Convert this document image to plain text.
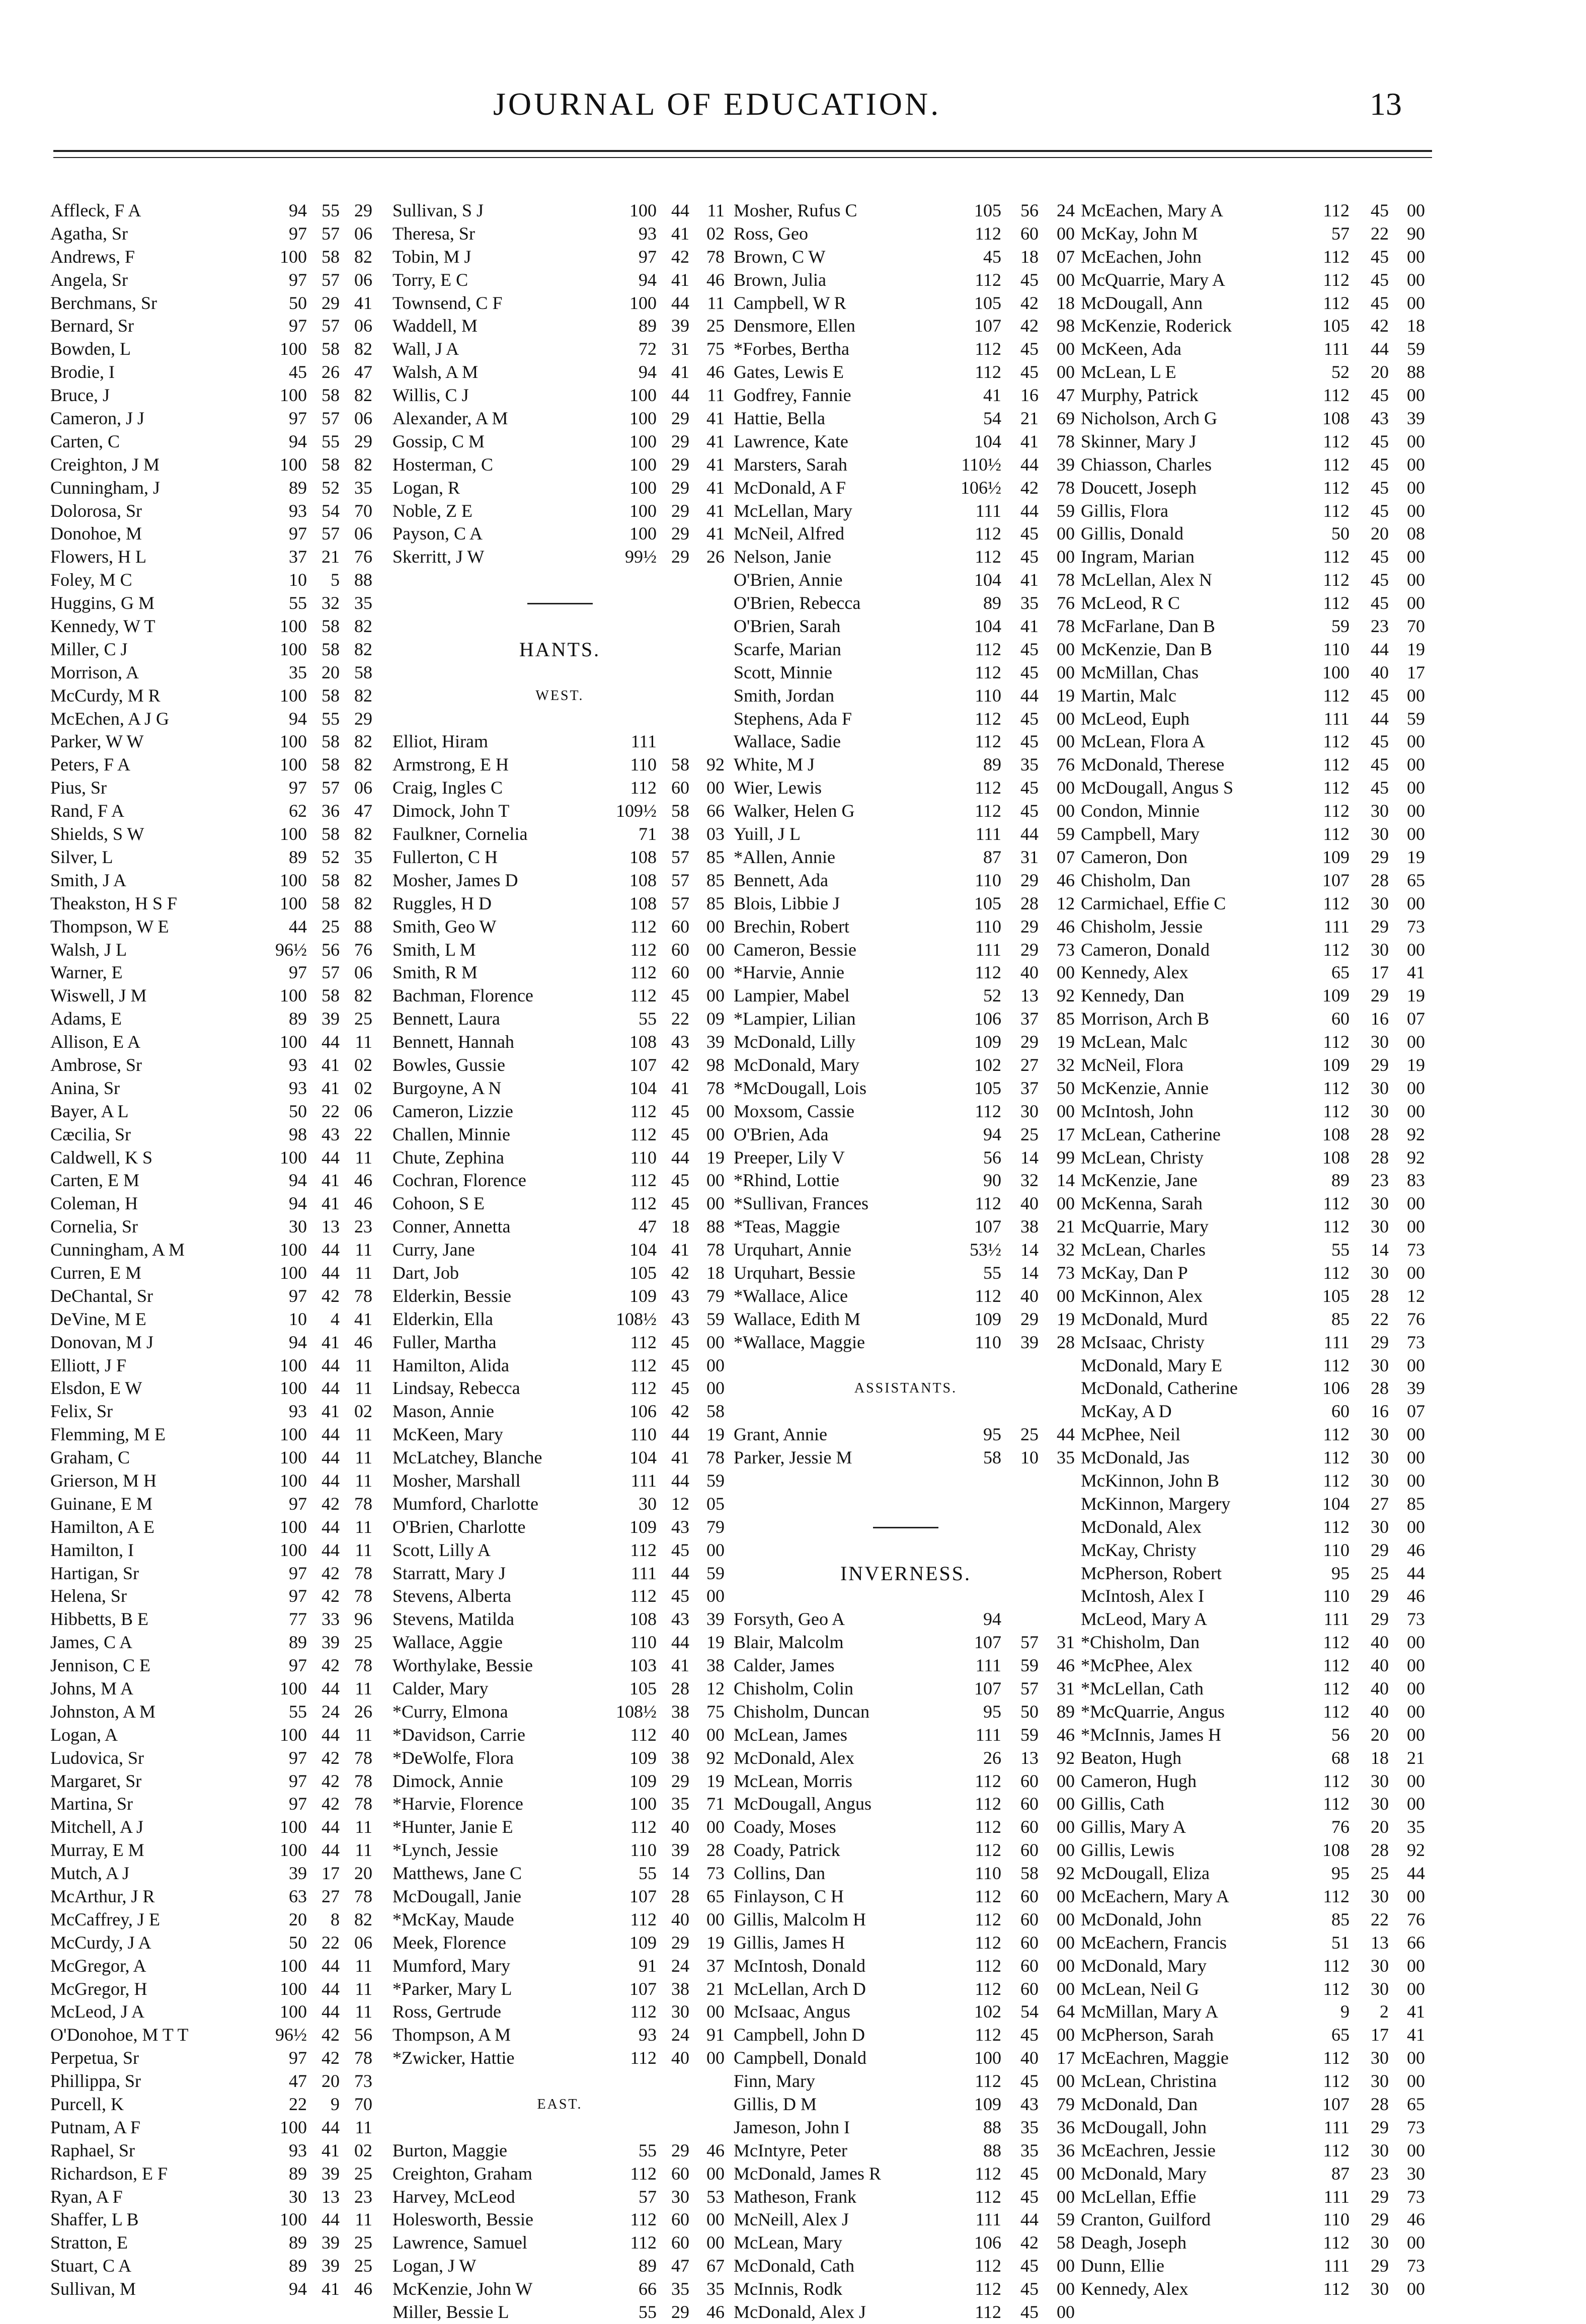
JOURNAL OF EDUCATION.	13
Affleck, F A	94 55 29
Agatha, Sr	97 57 06
Andrews, F	100 58 82
Angela, Sr	97 57 06
Berchmans, Sr	50 29 41
Bernard, Sr	97 57 06
Bowden, L	100 58 82
Brodie, I	45 26 47
Bruce, J	100 58 82
Cameron, J J	97 57 06
Carten, C	94 55 29
Creighton, J M	100 58 82
Cunningham, J	89 52 35
Dolorosa, Sr	93 54 70
Donohoe, M	97 57 06
Flowers, H L	37 21 76
Foley, M C	10	5 88
Huggins, G M	55 32 35
Kennedy, W T	100 58 82
Miller, C J	100 58 82
Morrison, A	35 20 58
McCurdy, M R	100 58 82
McEchen, A J G	94 55 29
Parker, W W	100 58 82
Peters, F A	100 58 82
Pius, Sr	97 57 06
Rand, F A	62 36 47
Shields, S W	100 58 82
Silver, L	89 52 35
Smith, J A	100 58 82
Theakston, H S F	100 58 82
Thompson, W E	44 25 88
Walsh, J L	96½ 56 76
Warner, E	97 57 06
Wiswell, J M	100 58 82
Adams, E	89 39 25
Allison, E A	100 44 11
Ambrose, Sr	93 41 02
Anina, Sr	93 41 02
Bayer, A L	50 22 06
Cæcilia, Sr	98 43 22
Caldwell, K S	100 44 11
Carten, E M	94 41 46
Coleman, H	94 41 46
Cornelia, Sr	30 13 23
Cunningham, A M	100 44 11
Curren, E M	100 44 11
DeChantal, Sr	97 42 78
DeVine, M E	10	4 41
Donovan, M J	94 41 46
Elliott, J F	100 44 11
Elsdon, E W	100 44 11
Felix, Sr	93 41 02
Flemming, M E	100 44 11
Graham, C	100 44 11
Grierson, M H	100 44 11
Guinane, E M	97 42 78
Hamilton, A E	100 44 11
Hamilton, I	100 44 11
Hartigan, Sr	97 42 78
Helena, Sr	97 42 78
Hibbetts, B E	77 33 96
James, C A	89 39 25
Jennison, C E	97 42 78
Johns, M A	100 44 11
Johnston, A M	55 24 26
Logan, A	100 44 11
Ludovica, Sr	97 42 78
Margaret, Sr	97 42 78
Martina, Sr	97 42 78
Mitchell, A J	100 44 11
Murray, E M	100 44 11
Mutch, A J	39 17 20
McArthur, J R	63 27 78
McCaffrey, J E	20	8 82
McCurdy, J A	50 22 06
McGregor, A	100 44 11
McGregor, H	100 44 11
McLeod, J A	100 44 11
O'Donohoe, M T T	96½ 42 56
Perpetua, Sr	97 42 78
Phillippa, Sr	47 20 73
Purcell, K	22	9 70
Putnam, A F	100 44 11
Raphael, Sr	93 41 02
Richardson, E F	89 39 25
Ryan, A F	30 13 23
Shaffer, L B	100 44 11
Stratton, E	89 39 25
Stuart, C A	89 39 25
Sullivan, M	94 41 46
Sullivan, S J	100 44 11
Theresa, Sr	93 41 02
Tobin, M J	97 42 78
Torry, E C	94 41 46
Townsend, C F	100 44 11
Waddell, M	89 39 25
Wall, J A	72 31 75
Walsh, A M	94 41 46
Willis, C J	100 44 11
Alexander, A M	100 29 41
Gossip, C M	100 29 41
Hosterman, C	100 29 41
Logan, R	100 29 41
Noble, Z E	100 29 41
Payson, C A	100 29 41
Skerritt, J W	99½ 29 26
HANTS.
WEST.
Elliot, Hiram	111
Armstrong, E H	110 58 92
Craig, Ingles C	112 60 00
Dimock, John T	109½ 58 66
Faulkner, Cornelia	71 38 03
Fullerton, C H	108 57 85
Mosher, James D	108 57 85
Ruggles, H D	108 57 85
Smith, Geo W	112 60 00
Smith, L M	112 60 00
Smith, R M	112 60 00
Bachman, Florence	112 45 00
Bennett, Laura	55 22 09
Bennett, Hannah	108 43 39
Bowles, Gussie	107 42 98
Burgoyne, A N	104 41 78
Cameron, Lizzie	112 45 00
Challen, Minnie	112 45 00
Chute, Zephina	110 44 19
Cochran, Florence	112 45 00
Cohoon, S E	112 45 00
Conner, Annetta	47 18 88
Curry, Jane	104 41 78
Dart, Job	105 42 18
Elderkin, Bessie	109 43 79
Elderkin, Ella	108½ 43 59
Fuller, Martha	112 45 00
Hamilton, Alida	112 45 00
Lindsay, Rebecca	112 45 00
Mason, Annie	106 42 58
McKeen, Mary	110 44 19
McLatchey, Blanche	104 41 78
Mosher, Marshall	111 44 59
Mumford, Charlotte	30 12 05
O'Brien, Charlotte	109 43 79
Scott, Lilly A	112 45 00
Starratt, Mary J	111 44 59
Stevens, Alberta	112 45 00
Stevens, Matilda	108 43 39
Wallace, Aggie	110 44 19
Worthylake, Bessie	103 41 38
Calder, Mary	105 28 12
*Curry, Elmona	108½ 38 75
*Davidson, Carrie	112 40 00
*DeWolfe, Flora	109 38 92
Dimock, Annie	109 29 19
*Harvie, Florence	100 35 71
*Hunter, Janie E	112 40 00
*Lynch, Jessie	110 39 28
Matthews, Jane C	55 14 73
McDougall, Janie	107 28 65
*McKay, Maude	112 40 00
Meek, Florence	109 29 19
Mumford, Mary	91 24 37
*Parker, Mary L	107 38 21
Ross, Gertrude	112 30 00
Thompson, A M	93 24 91
*Zwicker, Hattie	112 40 00
EAST.
Burton, Maggie	55 29 46
Creighton, Graham	112 60 00
Harvey, McLeod	57 30 53
Holesworth, Bessie	112 60 00
Lawrence, Samuel	112 60 00
Logan, J W	89 47 67
McKenzie, John W	66 35 35
Miller, Bessie L	55 29 46
Mosher, Rufus C	105	56	24
Ross, Geo	112	60	00
Brown, C W	45	18	07
Brown, Julia	112	45	00
Campbell, W R	105	42	18
Densmore, Ellen	107	42	98
*Forbes, Bertha	112	45	00
Gates, Lewis E	112	45	00
Godfrey, Fannie	41	16	47
Hattie, Bella	54	21	69
Lawrence, Kate	104	41	78
Marsters, Sarah	110½	44	39
McDonald, A F	106½	42	78
McLellan, Mary	111	44	59
McNeil, Alfred	112	45	00
Nelson, Janie	112	45	00
O'Brien, Annie	104	41	78
O'Brien, Rebecca	89	35	76
O'Brien, Sarah	104	41	78
Scarfe, Marian	112	45	00
Scott, Minnie	112	45	00
Smith, Jordan	110	44	19
Stephens, Ada F	112	45	00
Wallace, Sadie	112	45	00
White, M J	89	35	76
Wier, Lewis	112	45	00
Walker, Helen G	112	45	00
Yuill, J L	111	44	59
*Allen, Annie	87	31	07
Bennett, Ada	110	29	46
Blois, Libbie J	105	28	12
Brechin, Robert	110	29	46
Cameron, Bessie	111	29	73
*Harvie, Annie	112	40	00
Lampier, Mabel	52	13	92
*Lampier, Lilian	106	37	85
McDonald, Lilly	109	29	19
McDonald, Mary	102	27	32
*McDougall, Lois	105	37	50
Moxsom, Cassie	112	30	00
O'Brien, Ada	94	25	17
Preeper, Lily V	56	14	99
*Rhind, Lottie	90	32	14
*Sullivan, Frances	112	40	00
*Teas, Maggie	107	38	21
Urquhart, Annie	53½	14	32
Urquhart, Bessie	55	14	73
*Wallace, Alice	112	40	00
Wallace, Edith M	109	29	19
*Wallace, Maggie	110	39	28
ASSISTANTS.
Grant, Annie	95	25	44
Parker, Jessie M	58	10	35
INVERNESS.
Forsyth, Geo A	94
Blair, Malcolm	107	57	31
Calder, James	111	59	46
Chisholm, Colin	107	57	31
Chisholm, Duncan	95	50	89
McLean, James	111	59	46
McDonald, Alex	26	13	92
McLean, Morris	112	60	00
McDougall, Angus	112	60	00
Coady, Moses	112	60	00
Coady, Patrick	112	60	00
Collins, Dan	110	58	92
Finlayson, C H	112	60	00
Gillis, Malcolm H	112	60	00
Gillis, James H	112	60	00
McIntosh, Donald	112	60	00
McLellan, Arch D	112	60	00
McIsaac, Angus	102	54	64
Campbell, John D	112	45	00
Campbell, Donald	100	40	17
Finn, Mary	112	45	00
Gillis, D M	109	43	79
Jameson, John I	88	35	36
McIntyre, Peter	88	35	36
McDonald, James R	112	45	00
Matheson, Frank	112	45	00
McNeill, Alex J	111	44	59
McLean, Mary	106	42	58
McDonald, Cath	112	45	00
McInnis, Rodk	112	45	00
McDonald, Alex J	112	45	00
McEachen, Mary A	112	45	00
McKay, John M	57	22	90
McEachen, John	112	45	00
McQuarrie, Mary A	112	45	00
McDougall, Ann	112	45	00
McKenzie, Roderick	105	42	18
McKeen, Ada	111	44	59
McLean, L E	52	20	88
Murphy, Patrick	112	45	00
Nicholson, Arch G	108	43	39
Skinner, Mary J	112	45	00
Chiasson, Charles	112	45	00
Doucett, Joseph	112	45	00
Gillis, Flora	112	45	00
Gillis, Donald	50	20	08
Ingram, Marian	112	45	00
McLellan, Alex N	112	45	00
McLeod, R C	112	45	00
McFarlane, Dan B	59	23	70
McKenzie, Dan B	110	44	19
McMillan, Chas	100	40	17
Martin, Malc	112	45	00
McLeod, Euph	111	44	59
McLean, Flora A	112	45	00
McDonald, Therese	112	45	00
McDougall, Angus S	112	45	00
Condon, Minnie	112	30	00
Campbell, Mary	112	30	00
Cameron, Don	109	29	19
Chisholm, Dan	107	28	65
Carmichael, Effie C	112	30	00
Chisholm, Jessie	111	29	73
Cameron, Donald	112	30	00
Kennedy, Alex	65	17	41
Kennedy, Dan	109	29	19
Morrison, Arch B	60	16	07
McLean, Malc	112	30	00
McNeil, Flora	109	29	19
McKenzie, Annie	112	30	00
McIntosh, John	112	30	00
McLean, Catherine	108	28	92
McLean, Christy	108	28	92
McKenzie, Jane	89	23	83
McKenna, Sarah	112	30	00
McQuarrie, Mary	112	30	00
McLean, Charles	55	14	73
McKay, Dan P	112	30	00
McKinnon, Alex	105	28	12
McDonald, Murd	85	22	76
McIsaac, Christy	111	29	73
McDonald, Mary E	112	30	00
McDonald, Catherine	106	28	39
McKay, A D	60	16	07
McPhee, Neil	112	30	00
McDonald, Jas	112	30	00
McKinnon, John B	112	30	00
McKinnon, Margery	104	27	85
McDonald, Alex	112	30	00
McKay, Christy	110	29	46
McPherson, Robert	95	25	44
McIntosh, Alex I	110	29	46
McLeod, Mary A	111	29	73
*Chisholm, Dan	112	40	00
*McPhee, Alex	112	40	00
*McLellan, Cath	112	40	00
*McQuarrie, Angus	112	40	00
*McInnis, James H	56	20	00
Beaton, Hugh	68	18	21
Cameron, Hugh	112	30	00
Gillis, Cath	112	30	00
Gillis, Mary A	76	20	35
Gillis, Lewis	108	28	92
McDougall, Eliza	95	25	44
McEachern, Mary A	112	30	00
McDonald, John	85	22	76
McEachern, Francis	51	13	66
McDonald, Mary	112	30	00
McLean, Neil G	112	30	00
McMillan, Mary A	9	2	41
McPherson, Sarah	65	17	41
McEachren, Maggie	112	30	00
McLean, Christina	112	30	00
McDonald, Dan	107	28	65
McDougall, John	111	29	73
McEachren, Jessie	112	30	00
McDonald, Mary	87	23	30
McLellan, Effie	111	29	73
Cranton, Guilford	110	29	46
Deagh, Joseph	112	30	00
Dunn, Ellie	111	29	73
Kennedy, Alex	112	30	00
